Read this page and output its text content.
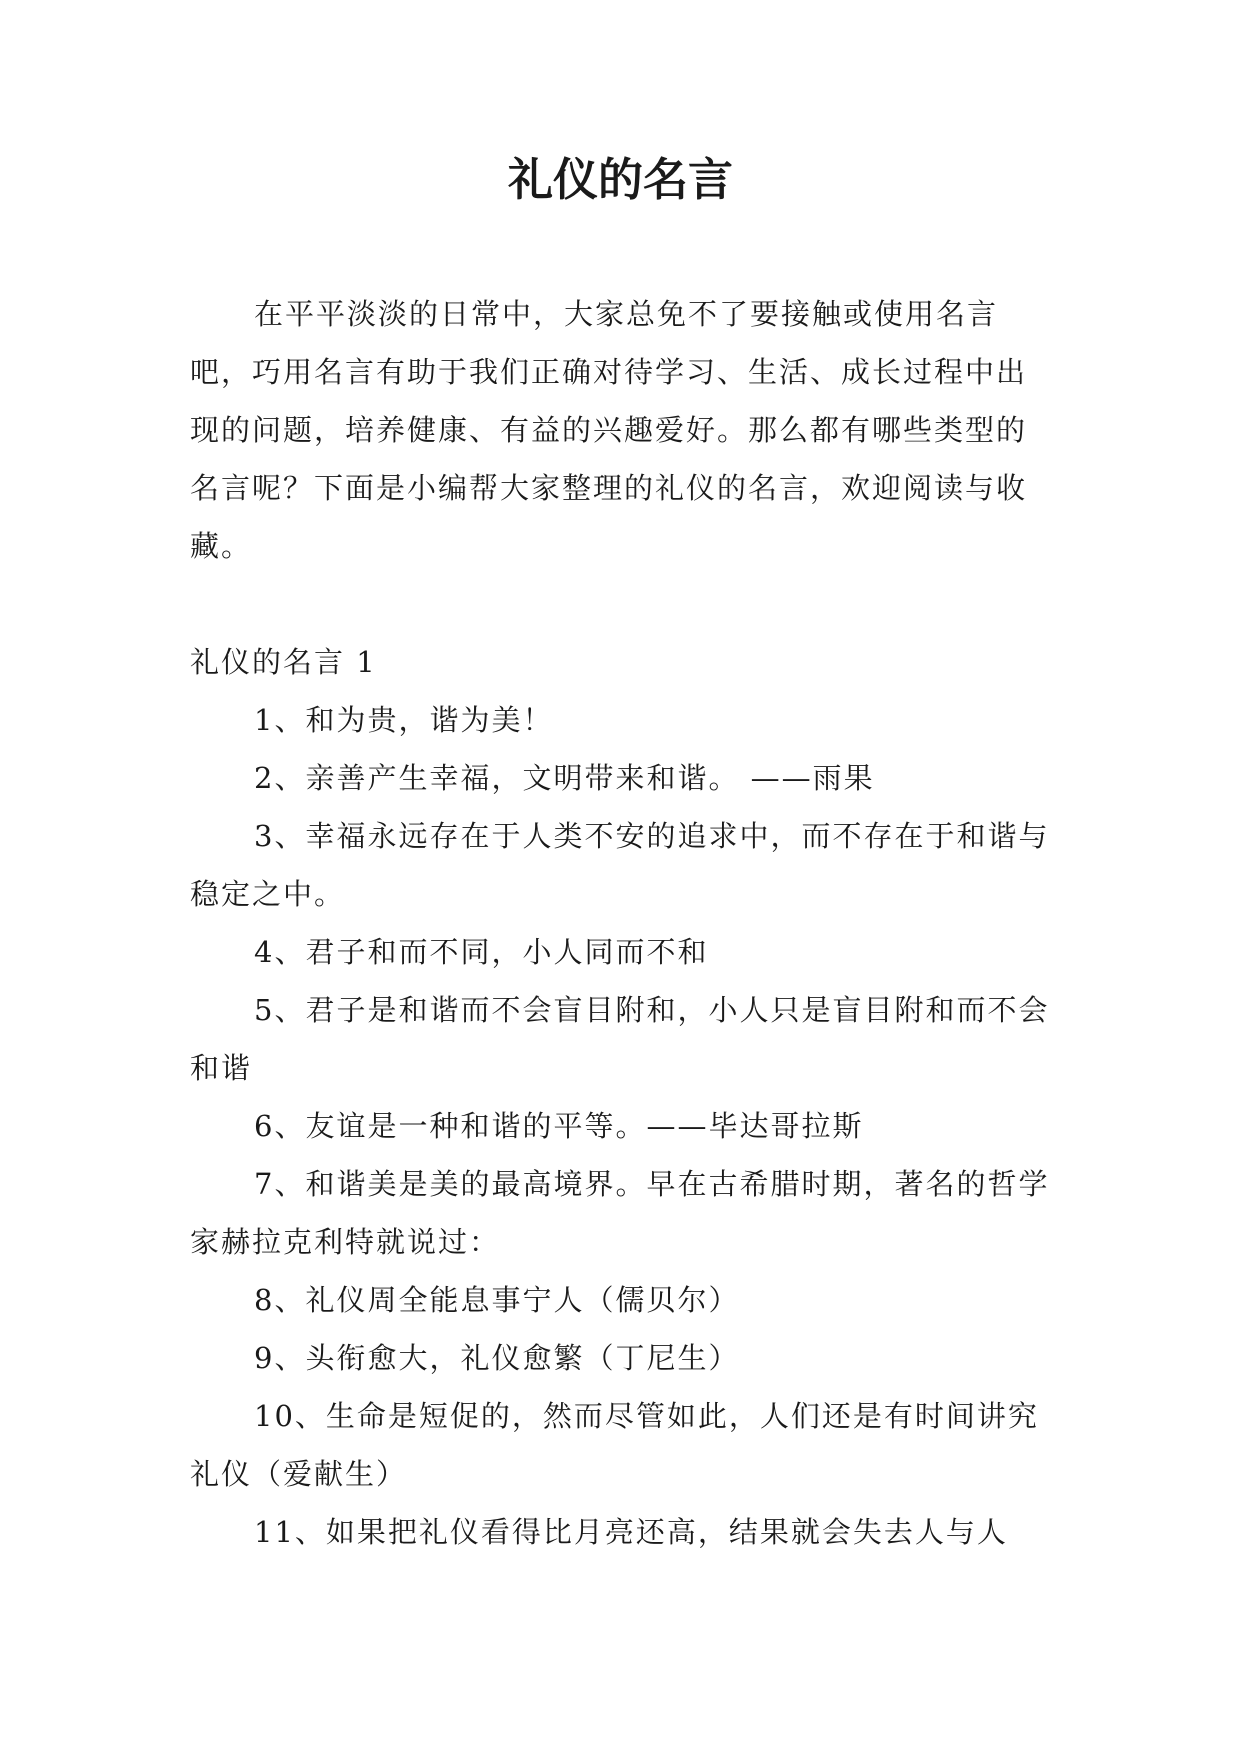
礼仪的名言

在平平淡淡的日常中，大家总免不了要接触或使用名言吧，巧用名言有助于我们正确对待学习、生活、成长过程中出现的问题，培养健康、有益的兴趣爱好。那么都有哪些类型的名言呢？下面是小编帮大家整理的礼仪的名言，欢迎阅读与收藏。

礼仪的名言 1

1、和为贵，谐为美！

2、亲善产生幸福，文明带来和谐。 ——雨果

3、幸福永远存在于人类不安的追求中，而不存在于和谐与稳定之中。

4、君子和而不同，小人同而不和

5、君子是和谐而不会盲目附和，小人只是盲目附和而不会和谐

6、友谊是一种和谐的平等。——毕达哥拉斯

7、和谐美是美的最高境界。早在古希腊时期，著名的哲学家赫拉克利特就说过：

8、礼仪周全能息事宁人（儒贝尔）

9、头衔愈大，礼仪愈繁（丁尼生）

10、生命是短促的，然而尽管如此，人们还是有时间讲究礼仪（爱献生）

11、如果把礼仪看得比月亮还高，结果就会失去人与人
